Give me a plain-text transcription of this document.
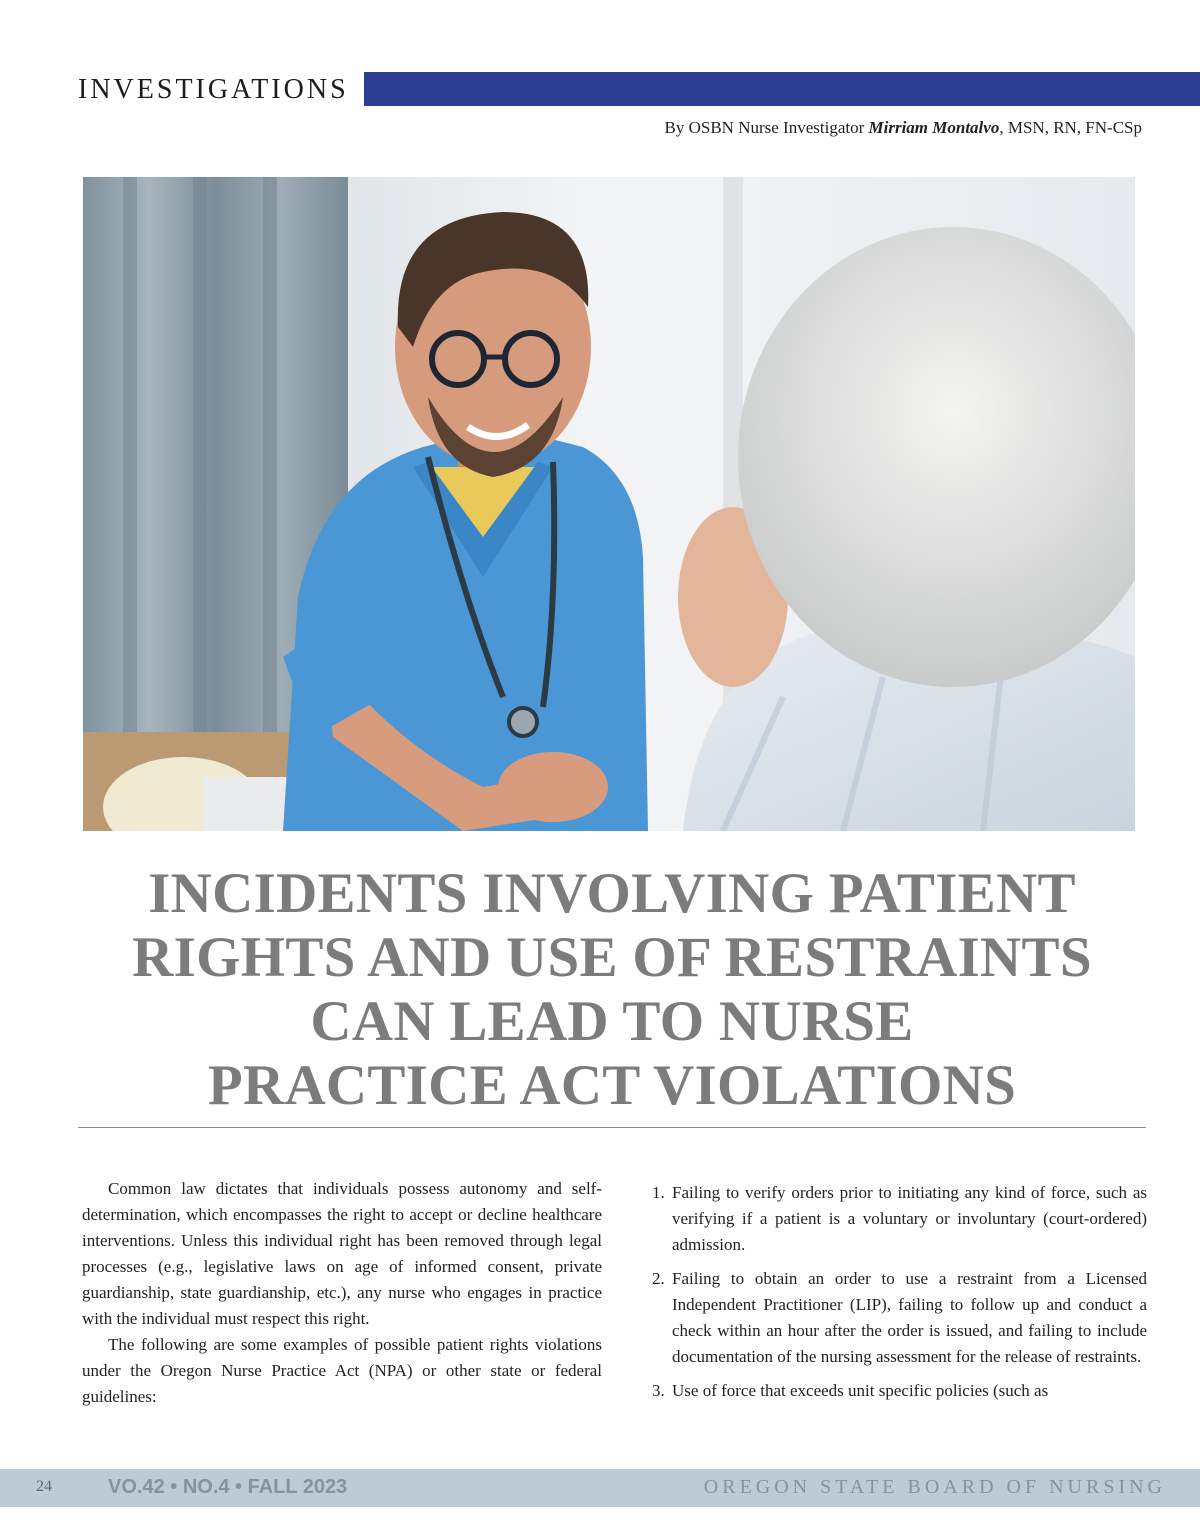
INVESTIGATIONS
By OSBN Nurse Investigator Mirriam Montalvo, MSN, RN, FN-CSp
INCIDENTS INVOLVING PATIENT
RIGHTS AND USE OF RESTRAINTS
CAN LEAD TO NURSE
PRACTICE ACT VIOLATIONS

Common law dictates that individuals possess autonomy and self-determination, which encompasses the right to accept or decline healthcare interventions. Unless this individual right has been removed through legal processes (e.g., legislative laws on age of informed consent, private guardianship, state guardianship, etc.), any nurse who engages in practice with the individual must respect this right.

The following are some examples of possible patient rights violations under the Oregon Nurse Practice Act (NPA) or other state or federal guidelines:

1. Failing to verify orders prior to initiating any kind of force, such as verifying if a patient is a voluntary or involuntary (court-ordered) admission.
2. Failing to obtain an order to use a restraint from a Licensed Independent Practitioner (LIP), failing to follow up and conduct a check within an hour after the order is issued, and failing to include documentation of the nursing assessment for the release of restraints.
3. Use of force that exceeds unit specific policies (such as
24	VO.42 • NO.4 • FALL 2023	OREGON STATE BOARD OF NURSING
